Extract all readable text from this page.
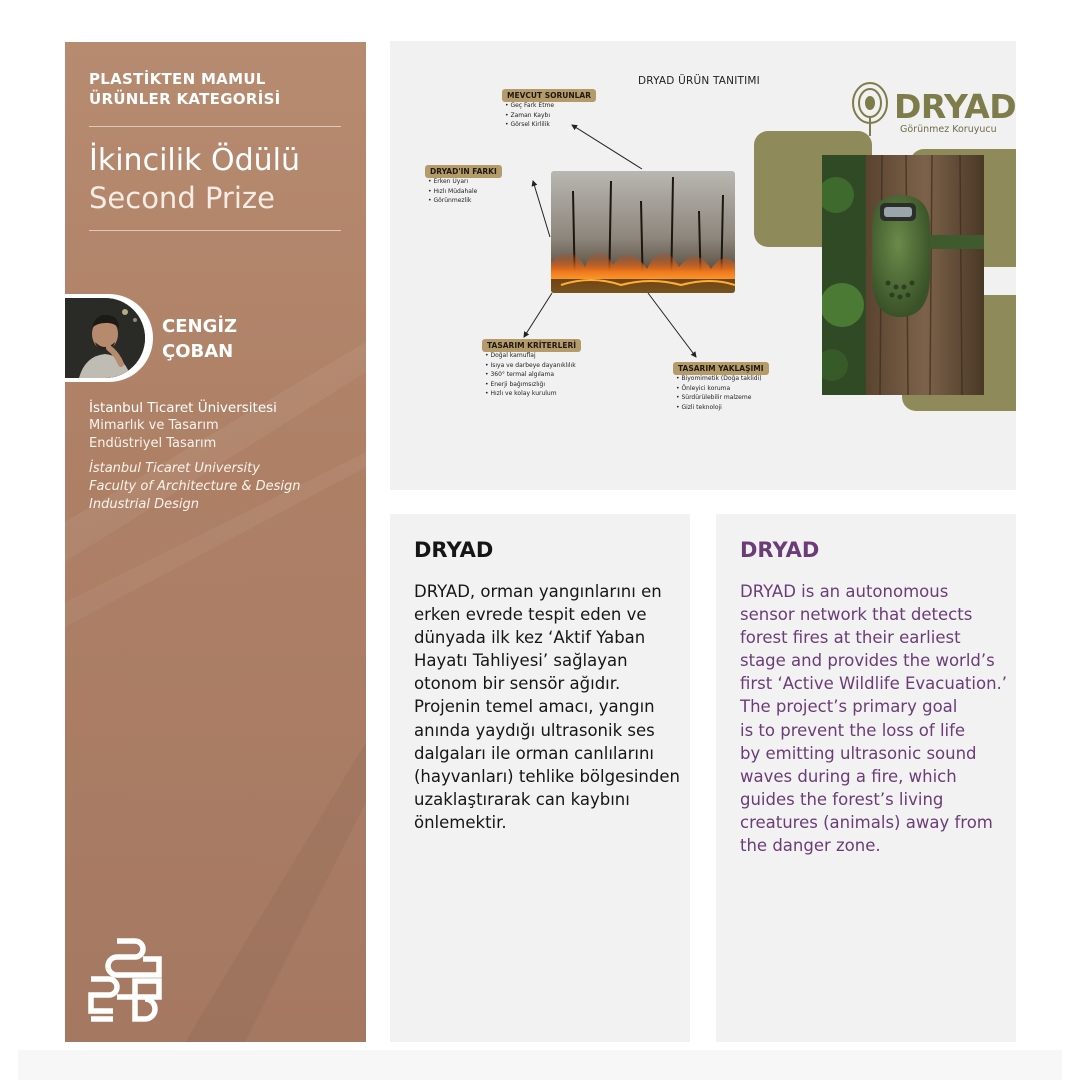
PLASTİKTEN MAMUL
ÜRÜNLER KATEGORİSİ
İkincilik Ödülü
Second Prize
CENGİZ
ÇOBAN
İstanbul Ticaret Üniversitesi
Mimarlık ve Tasarım
Endüstriyel Tasarım
İstanbul Ticaret University
Faculty of Architecture & Design
Industrial Design
DRYAD ÜRÜN TANITIMI
MEVCUT SORUNLAR
• Geç Fark Etme
• Zaman Kaybı
• Görsel Kirlilik
DRYAD'IN FARKI
• Erken Uyarı
• Hızlı Müdahale
• Görünmezlik
TASARIM KRİTERLERİ
• Doğal kamuflaj
• Isıya ve darbeye dayanıklılık
• 360° termal algılama
• Enerji bağımsızlığı
• Hızlı ve kolay kurulum
TASARIM YAKLAŞIMI
• Biyomimetik (Doğa taklidi)
• Önleyici koruma
• Sürdürülebilir malzeme
• Gizli teknoloji
DRYAD
Görünmez Koruyucu
DRYAD

DRYAD, orman yangınlarını en
erken evrede tespit eden ve
dünyada ilk kez ‘Aktif Yaban
Hayatı Tahliyesi’ sağlayan
otonom bir sensör ağıdır.
Projenin temel amacı, yangın
anında yaydığı ultrasonik ses
dalgaları ile orman canlılarını
(hayvanları) tehlike bölgesinden
uzaklaştırarak can kaybını
önlemektir.

DRYAD

DRYAD is an autonomous
sensor network that detects
forest fires at their earliest
stage and provides the world’s
first ‘Active Wildlife Evacuation.’
The project’s primary goal
is to prevent the loss of life
by emitting ultrasonic sound
waves during a fire, which
guides the forest’s living
creatures (animals) away from
the danger zone.
